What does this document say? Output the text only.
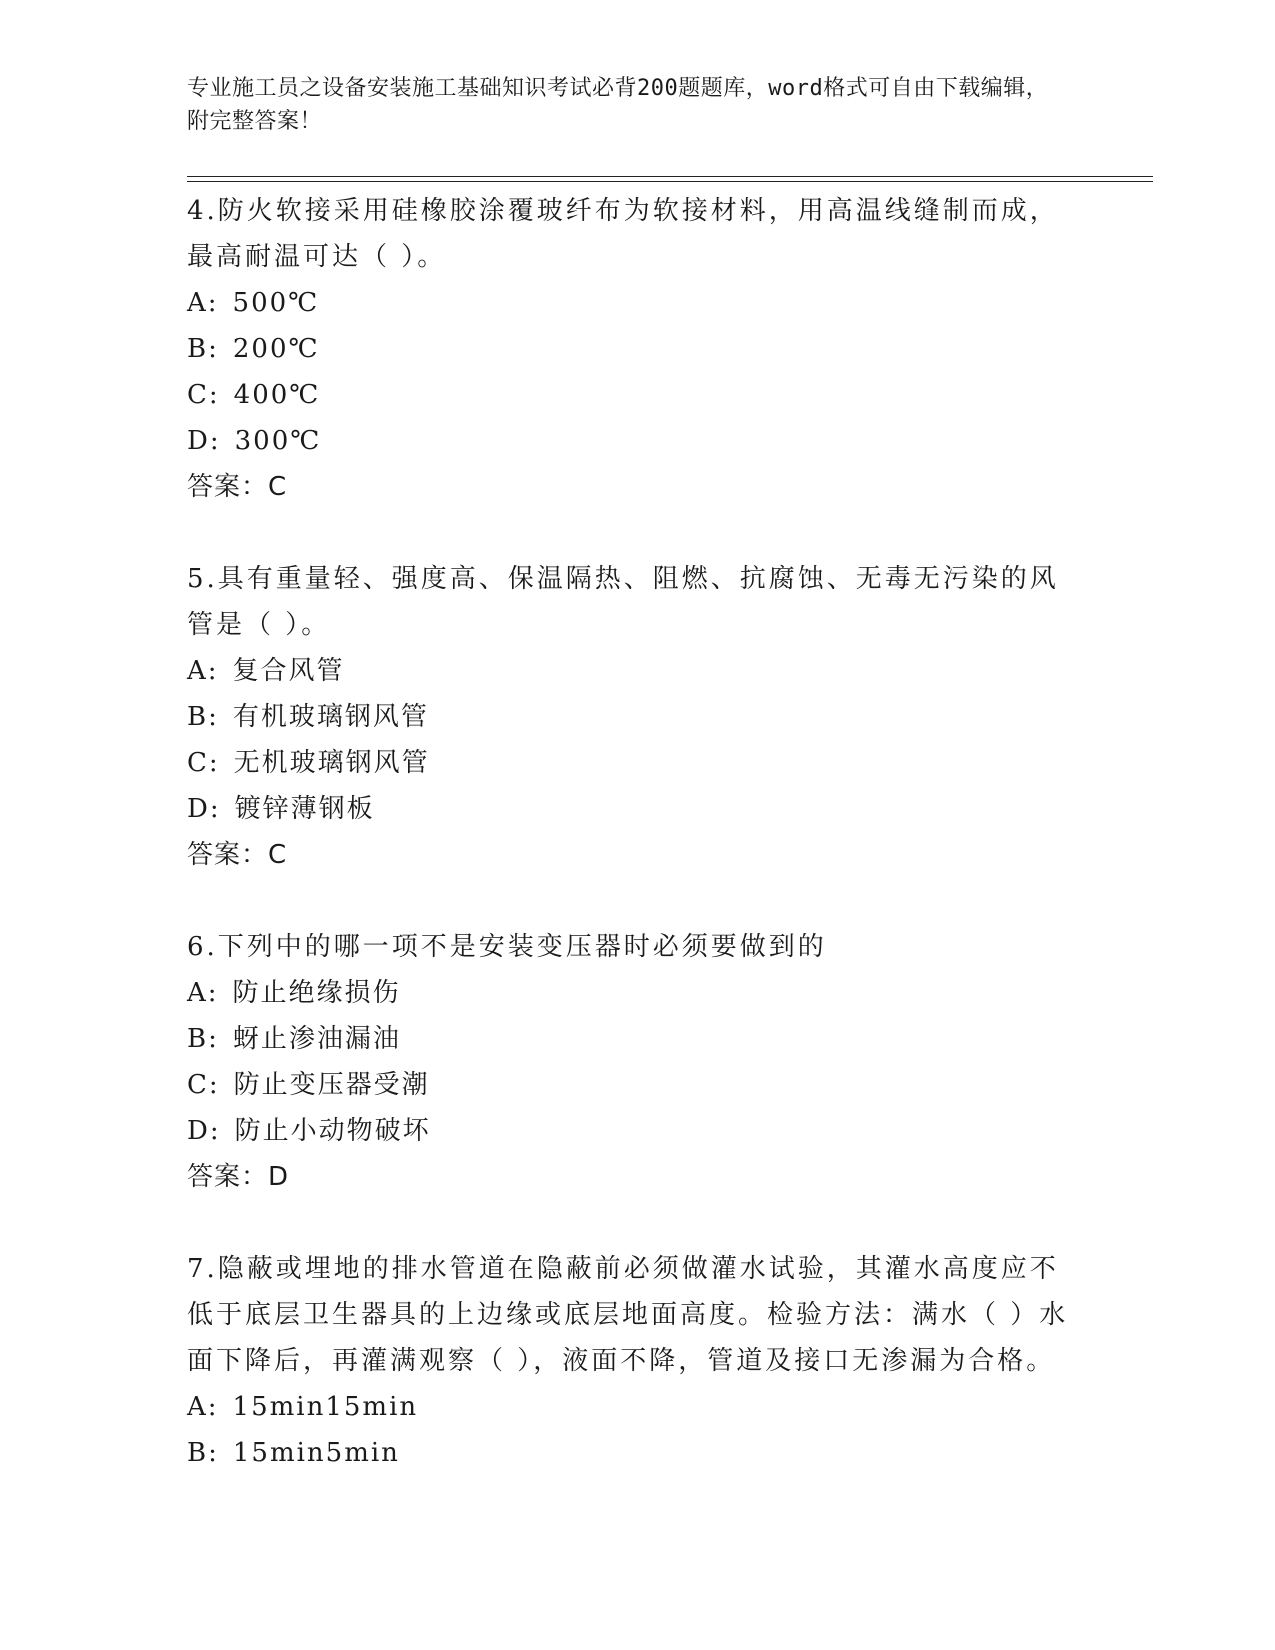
专业施工员之设备安装施工基础知识考试必背200题题库，word格式可自由下载编辑，附完整答案！

4.防火软接采用硅橡胶涂覆玻纤布为软接材料，用高温线缝制而成，最高耐温可达（ ）。

A: 500℃

B: 200℃

C: 400℃

D: 300℃

答案：C

5.具有重量轻、强度高、保温隔热、阻燃、抗腐蚀、无毒无污染的风管是（ ）。

A: 复合风管

B: 有机玻璃钢风管

C: 无机玻璃钢风管

D: 镀锌薄钢板

答案：C

6.下列中的哪一项不是安装变压器时必须要做到的

A: 防止绝缘损伤

B: 蚜止渗油漏油

C: 防止变压器受潮

D: 防止小动物破坏

答案：D

7.隐蔽或埋地的排水管道在隐蔽前必须做灌水试验，其灌水高度应不低于底层卫生器具的上边缘或底层地面高度。检验方法：满水（ ）水面下降后，再灌满观察（ ），液面不降，管道及接口无渗漏为合格。

A: 15min15min

B: 15min5min
